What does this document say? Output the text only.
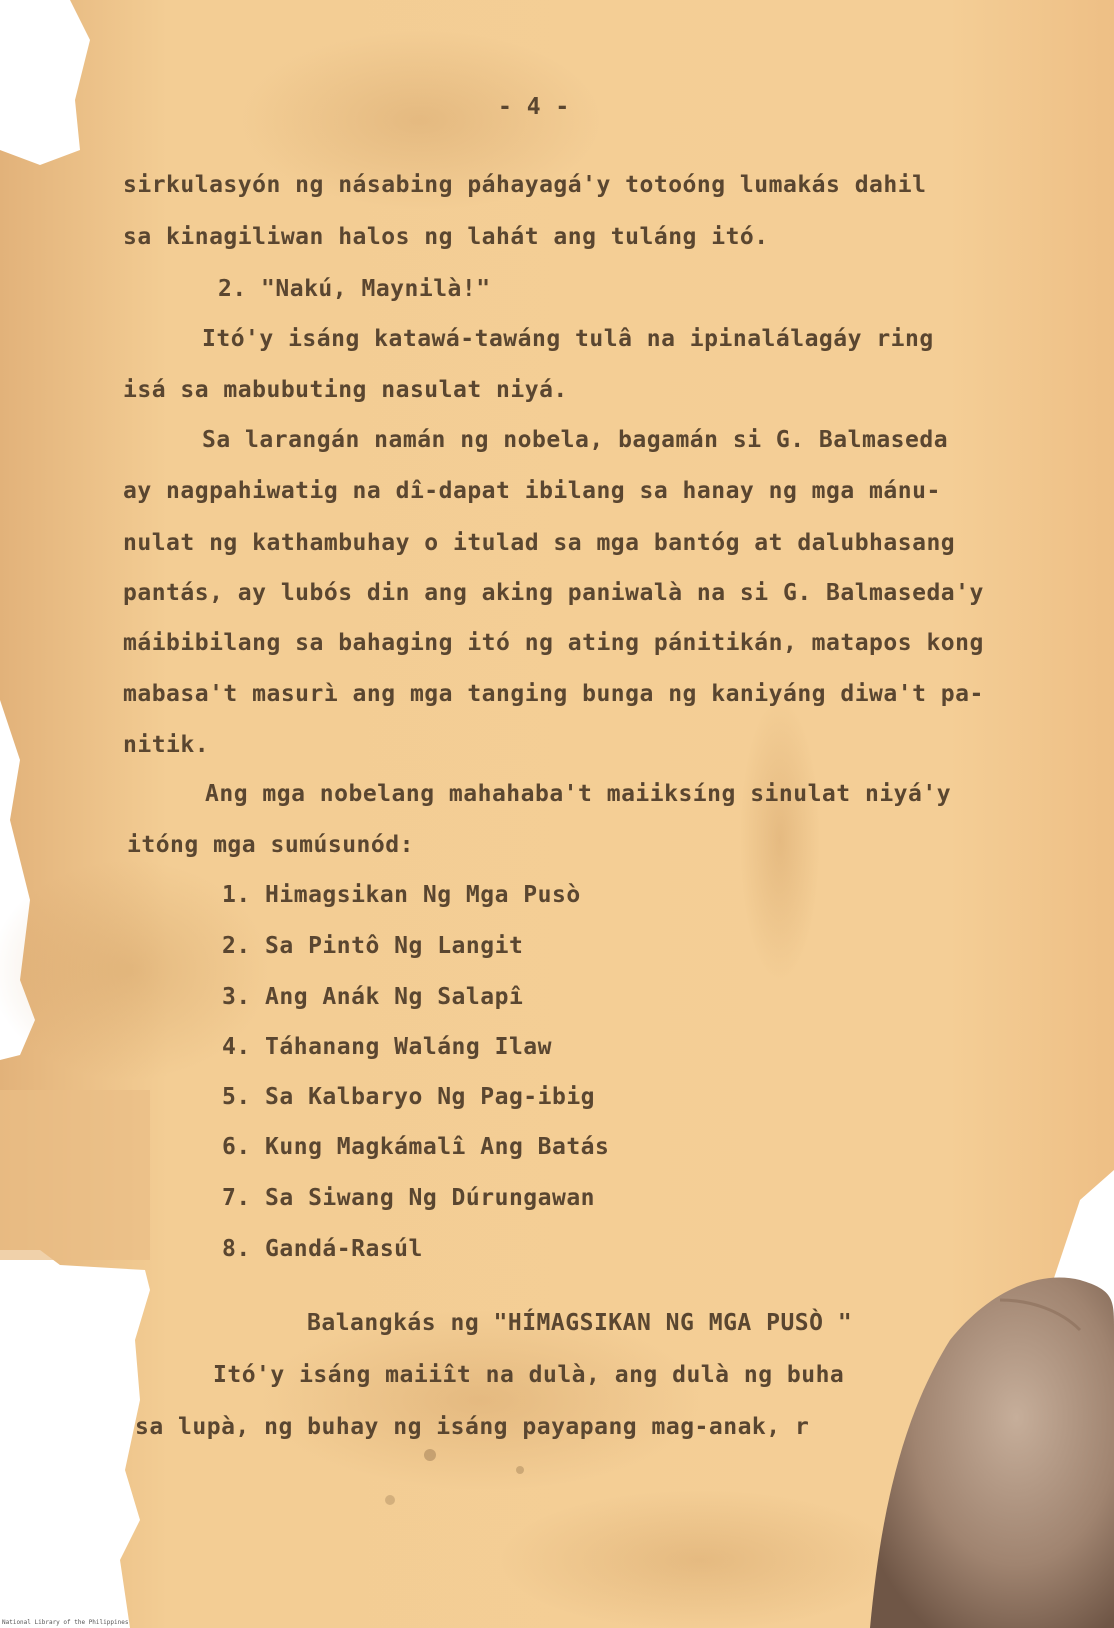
- 4 -
sirkulasyón ng násabing páhayagá'y totoóng lumakás dahil
sa kinagiliwan halos ng lahát ang tuláng itó.
2. "Nakú, Maynilà!"
Itó'y isáng katawá-tawáng tulâ na ipinalálagáy ring
isá sa mabubuting nasulat niyá.
Sa larangán namán ng nobela, bagamán si G. Balmaseda
ay nagpahiwatig na dî-dapat ibilang sa hanay ng mga mánu-
nulat ng kathambuhay o itulad sa mga bantóg at dalubhasang
pantás, ay lubós din ang aking paniwalà na si G. Balmaseda'y
máibibilang sa bahaging itó ng ating pánitikán, matapos kong
mabasa't masurì ang mga tanging bunga ng kaniyáng diwa't pa-
nitik.
Ang mga nobelang mahahaba't maiiksíng sinulat niyá'y
itóng mga sumúsunód:
1. Himagsikan Ng Mga Pusò
2. Sa Pintô Ng Langit
3. Ang Anák Ng Salapî
4. Táhanang Waláng Ilaw
5. Sa Kalbaryo Ng Pag-ibig
6. Kung Magkámalî Ang Batás
7. Sa Siwang Ng Dúrungawan
8. Gandá-Rasúl
Balangkás ng "HÍMAGSIKAN NG MGA PUSÒ "
Itó'y isáng maiiît na dulà, ang dulà ng buha
sa lupà, ng buhay ng isáng payapang mag-anak, r
National Library of the Philippines
